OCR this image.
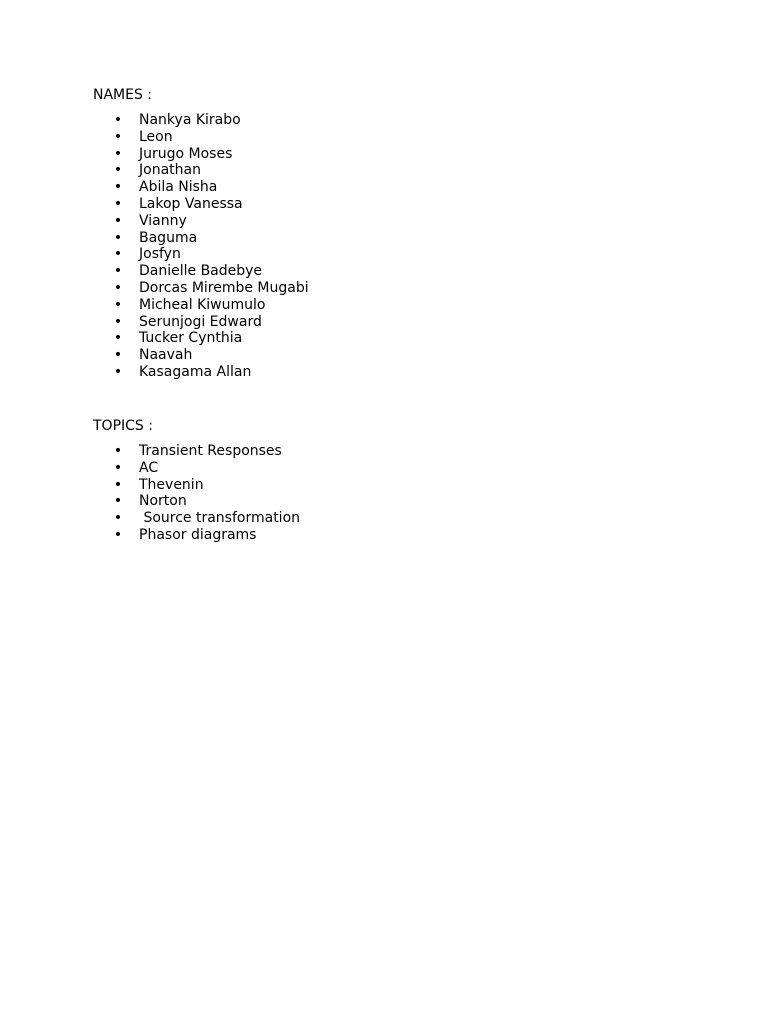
NAMES :
• Nankya Kirabo
• Leon
• Jurugo Moses
• Jonathan
• Abila Nisha
• Lakop Vanessa
• Vianny
• Baguma
• Josfyn
• Danielle Badebye
• Dorcas Mirembe Mugabi
• Micheal Kiwumulo
• Serunjogi Edward
• Tucker Cynthia
• Naavah
• Kasagama Allan
TOPICS :
• Transient Responses
• AC
• Thevenin
• Norton
• Source transformation
• Phasor diagrams
